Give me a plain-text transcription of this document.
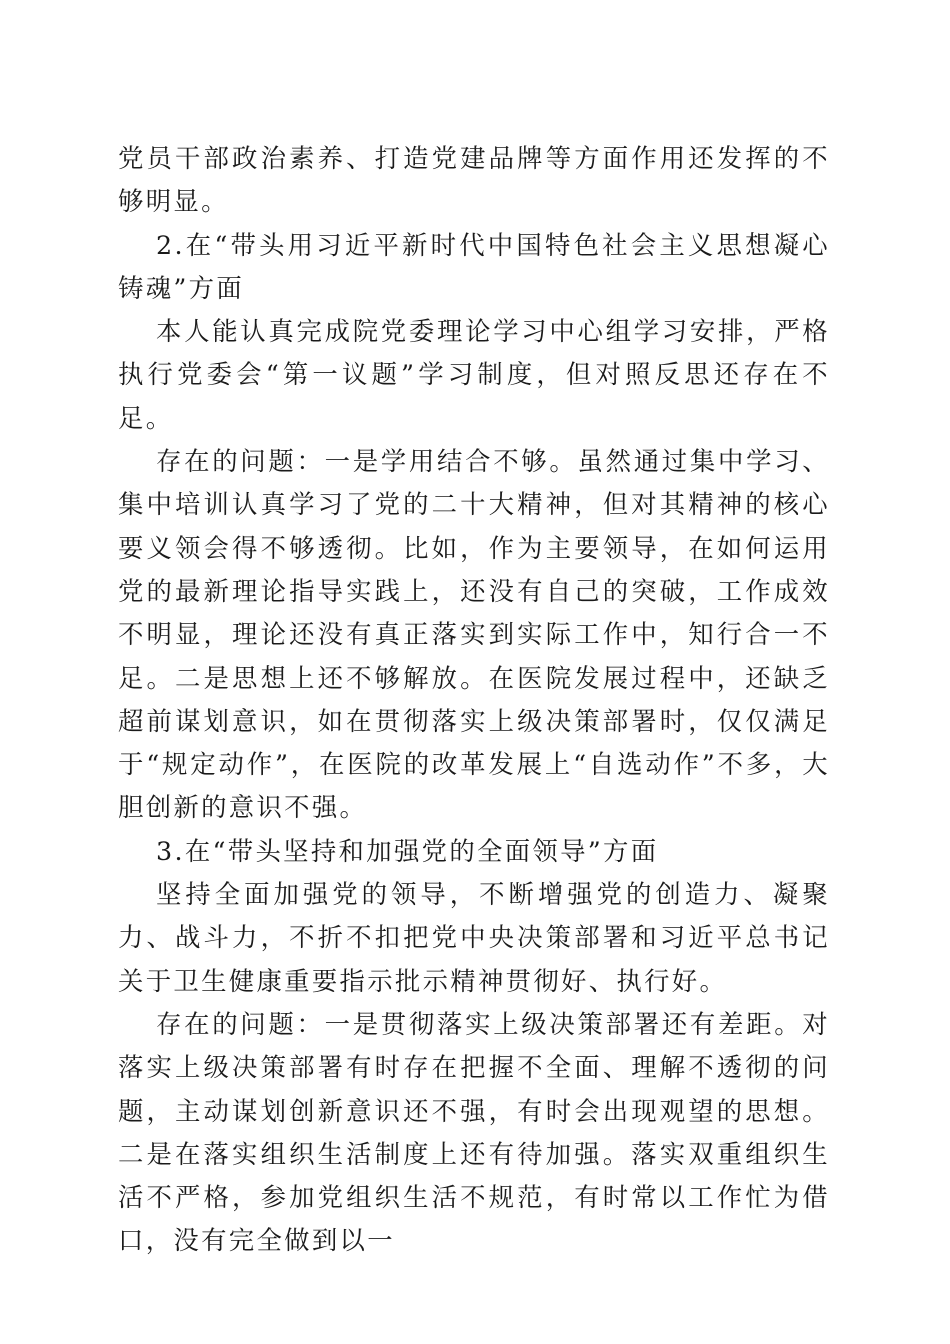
党员干部政治素养、打造党建品牌等方面作用还发挥的不够明显。

2.在“带头用习近平新时代中国特色社会主义思想凝心铸魂”方面

本人能认真完成院党委理论学习中心组学习安排，严格执行党委会“第一议题”学习制度，但对照反思还存在不足。

存在的问题：一是学用结合不够。虽然通过集中学习、集中培训认真学习了党的二十大精神，但对其精神的核心要义领会得不够透彻。比如，作为主要领导，在如何运用党的最新理论指导实践上，还没有自己的突破，工作成效不明显，理论还没有真正落实到实际工作中，知行合一不足。二是思想上还不够解放。在医院发展过程中，还缺乏超前谋划意识，如在贯彻落实上级决策部署时，仅仅满足于“规定动作”，在医院的改革发展上“自选动作”不多，大胆创新的意识不强。

3.在“带头坚持和加强党的全面领导”方面

坚持全面加强党的领导，不断增强党的创造力、凝聚力、战斗力，不折不扣把党中央决策部署和习近平总书记关于卫生健康重要指示批示精神贯彻好、执行好。

存在的问题：一是贯彻落实上级决策部署还有差距。对落实上级决策部署有时存在把握不全面、理解不透彻的问题，主动谋划创新意识还不强，有时会出现观望的思想。二是在落实组织生活制度上还有待加强。落实双重组织生活不严格，参加党组织生活不规范，有时常以工作忙为借口，没有完全做到以一
